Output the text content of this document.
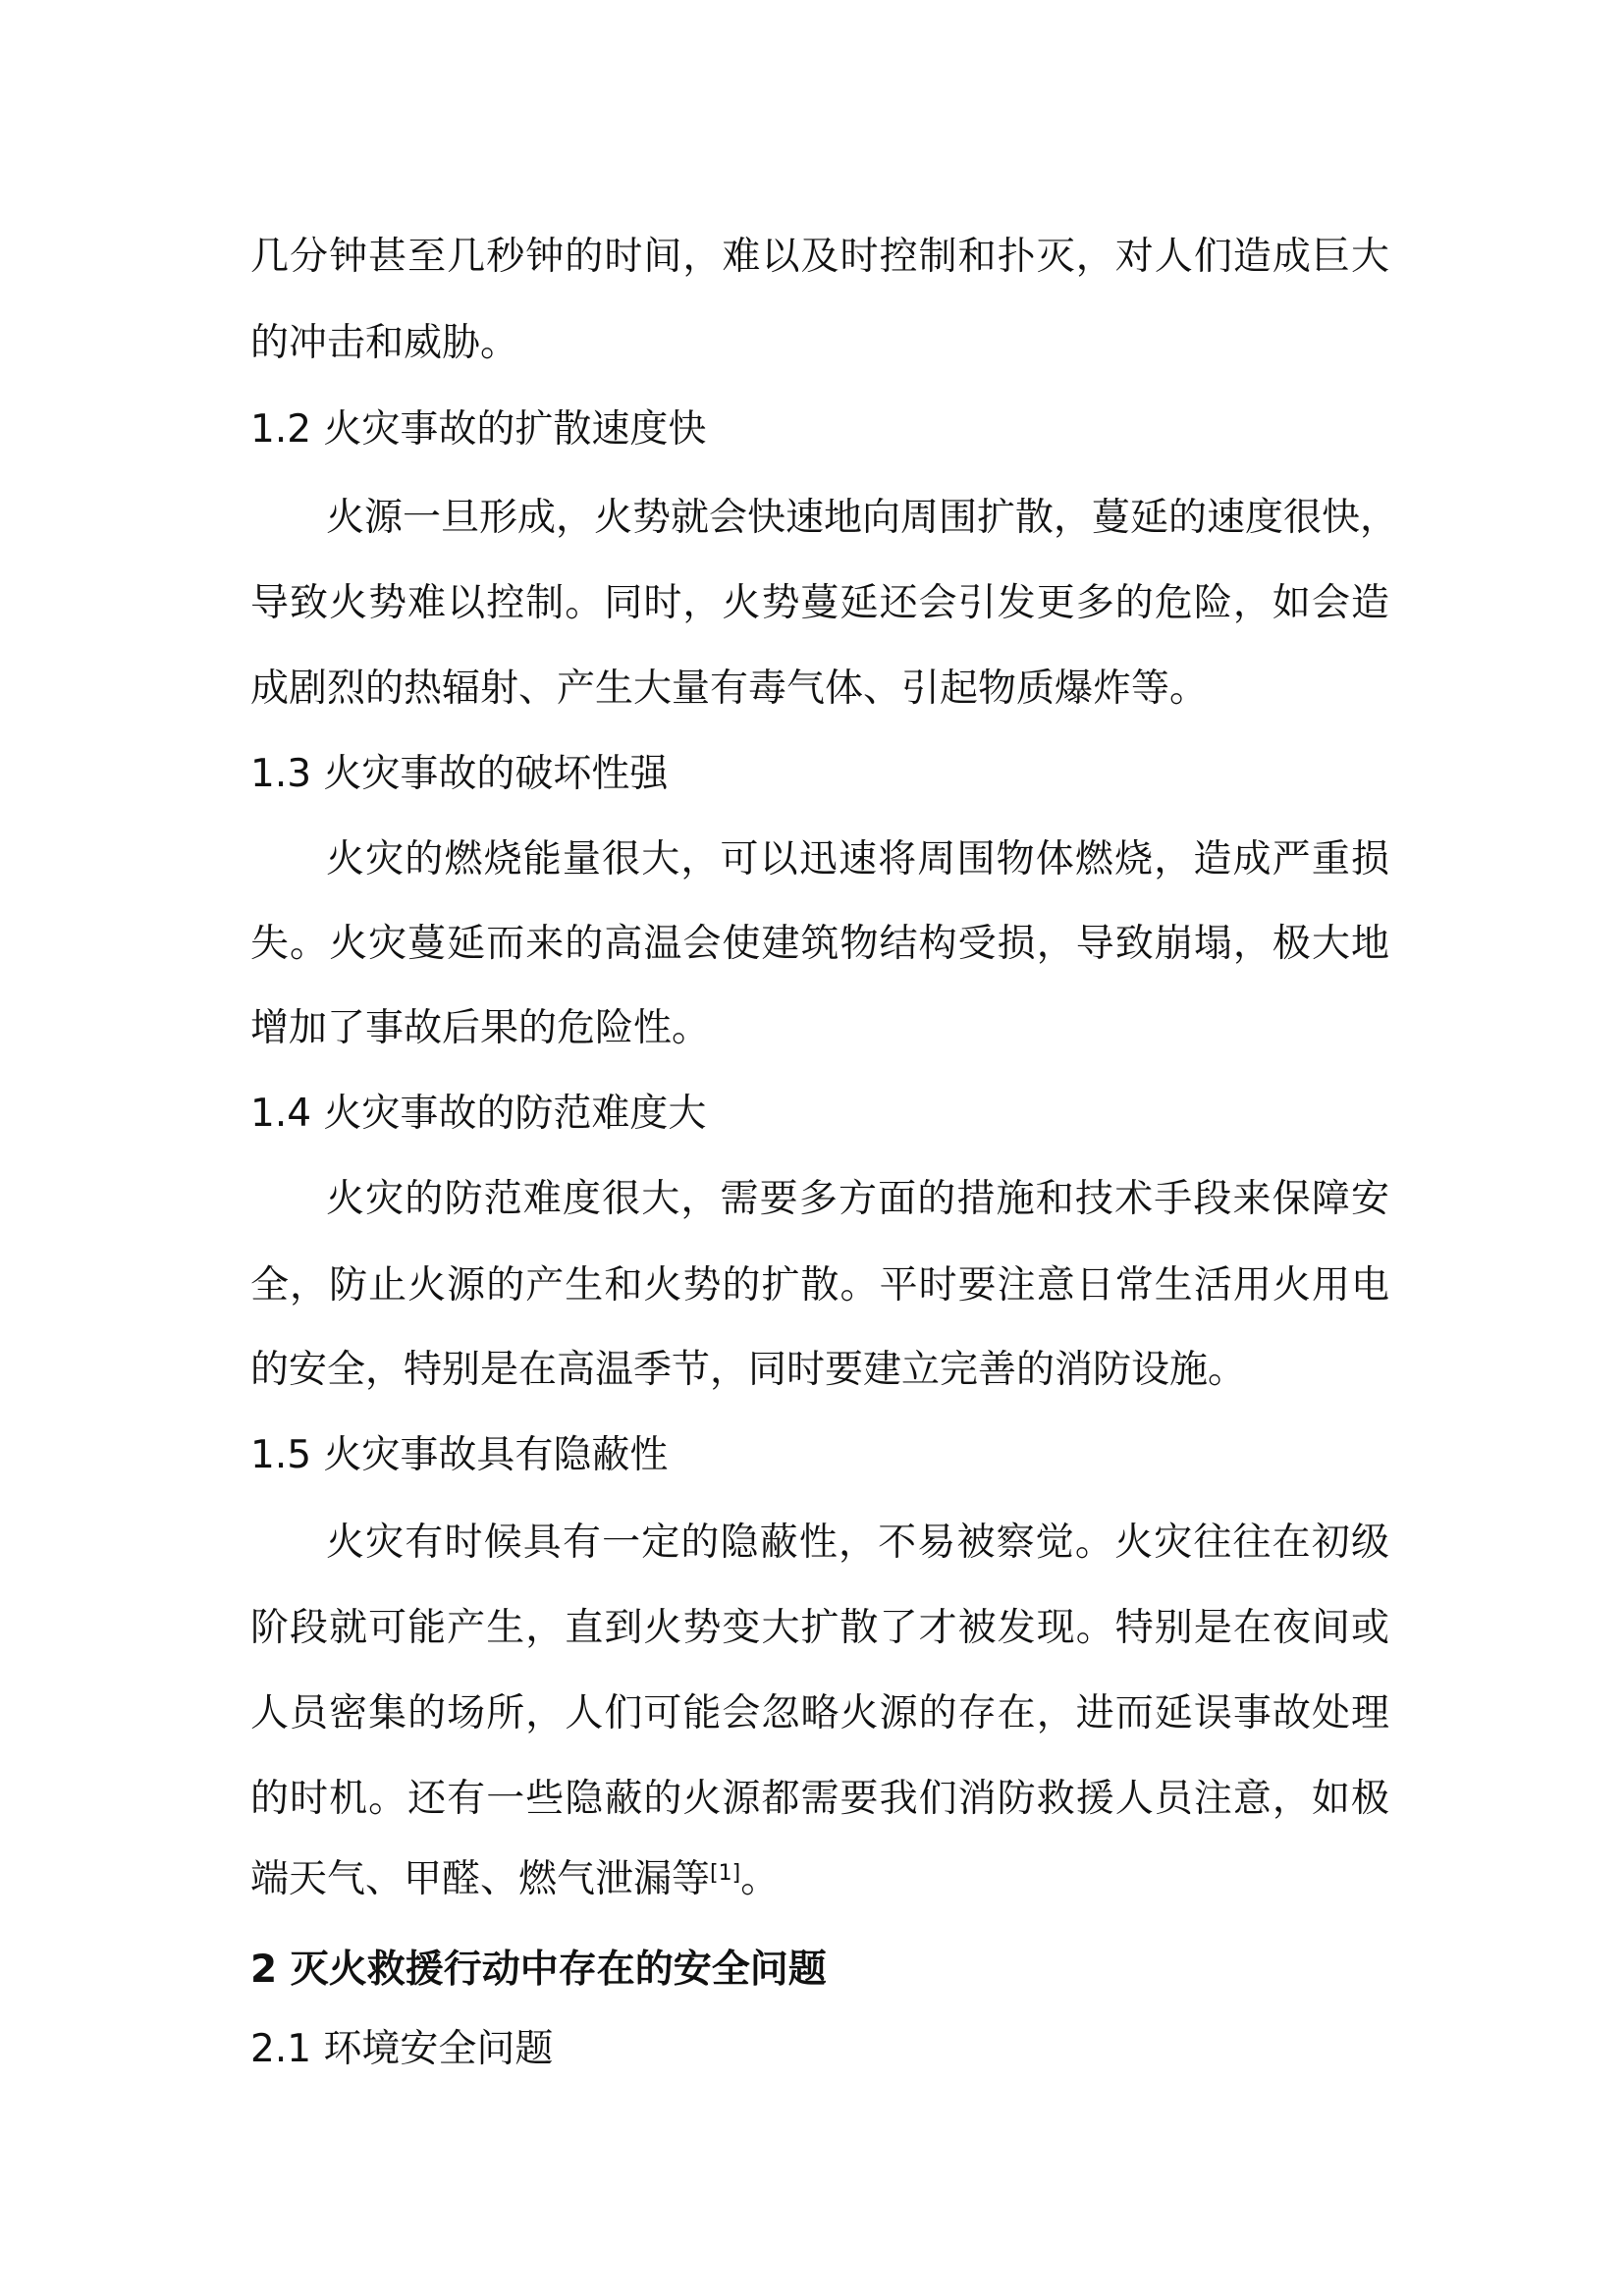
几分钟甚至几秒钟的时间，难以及时控制和扑灭，对人们造成巨大
的冲击和威胁。
1.2 火灾事故的扩散速度快
火源一旦形成，火势就会快速地向周围扩散，蔓延的速度很快，
导致火势难以控制。同时，火势蔓延还会引发更多的危险，如会造
成剧烈的热辐射、产生大量有毒气体、引起物质爆炸等。
1.3 火灾事故的破坏性强
火灾的燃烧能量很大，可以迅速将周围物体燃烧，造成严重损
失。火灾蔓延而来的高温会使建筑物结构受损，导致崩塌，极大地
增加了事故后果的危险性。
1.4 火灾事故的防范难度大
火灾的防范难度很大，需要多方面的措施和技术手段来保障安
全，防止火源的产生和火势的扩散。平时要注意日常生活用火用电
的安全，特别是在高温季节，同时要建立完善的消防设施。
1.5 火灾事故具有隐蔽性
火灾有时候具有一定的隐蔽性，不易被察觉。火灾往往在初级
阶段就可能产生，直到火势变大扩散了才被发现。特别是在夜间或
人员密集的场所，人们可能会忽略火源的存在，进而延误事故处理
的时机。还有一些隐蔽的火源都需要我们消防救援人员注意，如极
端天气、甲醛、燃气泄漏等[1]。
2 灭火救援行动中存在的安全问题
2.1 环境安全问题
